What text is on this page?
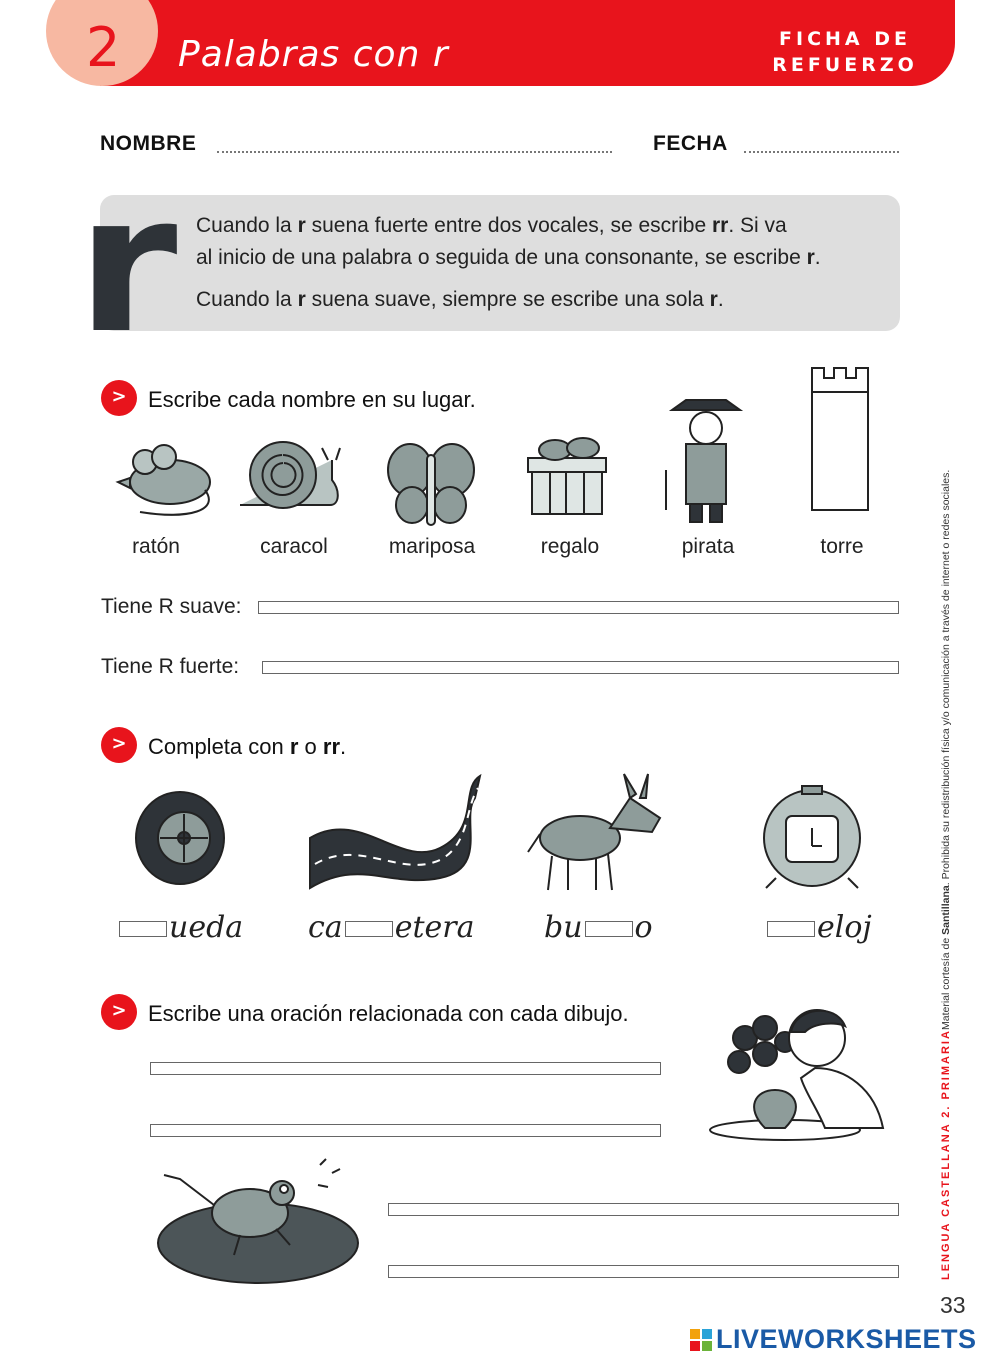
2 Palabras con r	FICHA DE
REFUERZO
NOMBRE	FECHA
r Cuando la r suena fuerte entre dos vocales, se escribe rr. Si va
al inicio de una palabra o seguida de una consonante, se escribe r.
Cuando la r suena suave, siempre se escribe una sola r.
> Escribe cada nombre en su lugar.
ratón	caracol	mariposa	regalo	pirata	torre
Tiene R suave:
Tiene R fuerte:
> Completa con r o rr.
ueda ca etera bu o	eloj
> Escribe una oración relacionada con cada dibujo.	Material cortesía de Santillana. Prohibida su redistribución física y/o comunicación a través de internet o redes sociales.
LENGUA CASTELLANA 2. PRIMARIA
33
LIVEWORKSHEETS
